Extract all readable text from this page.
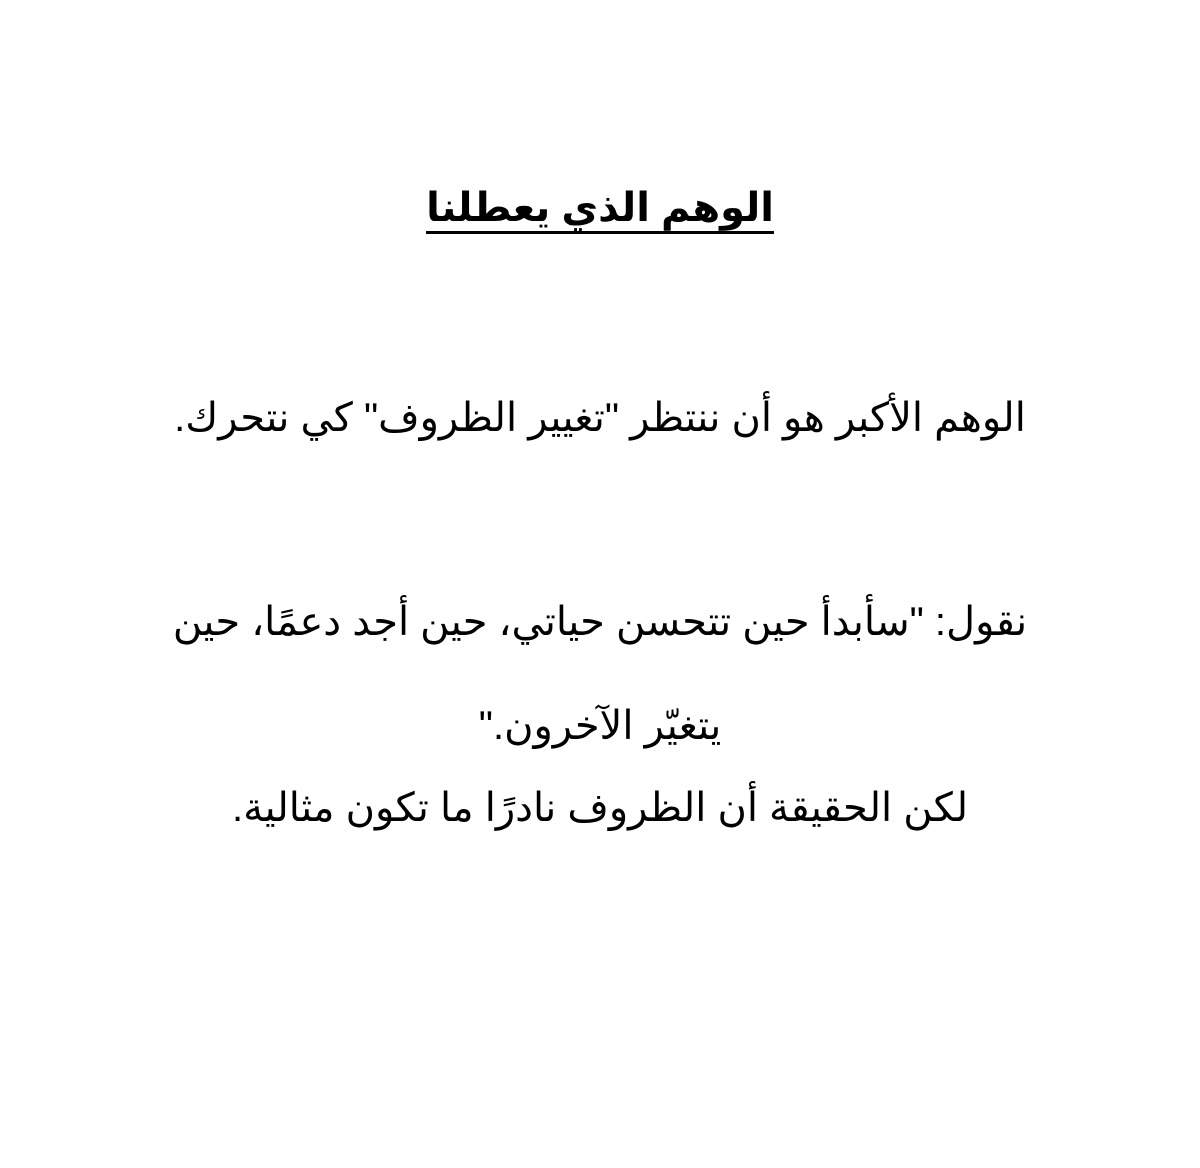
الوهم الذي يعطلنا

الوهم الأكبر هو أن ننتظر "تغيير الظروف" كي نتحرك.

نقول: "سأبدأ حين تتحسن حياتي، حين أجد دعمًا، حين يتغيّر الآخرون."

لكن الحقيقة أن الظروف نادرًا ما تكون مثالية.
